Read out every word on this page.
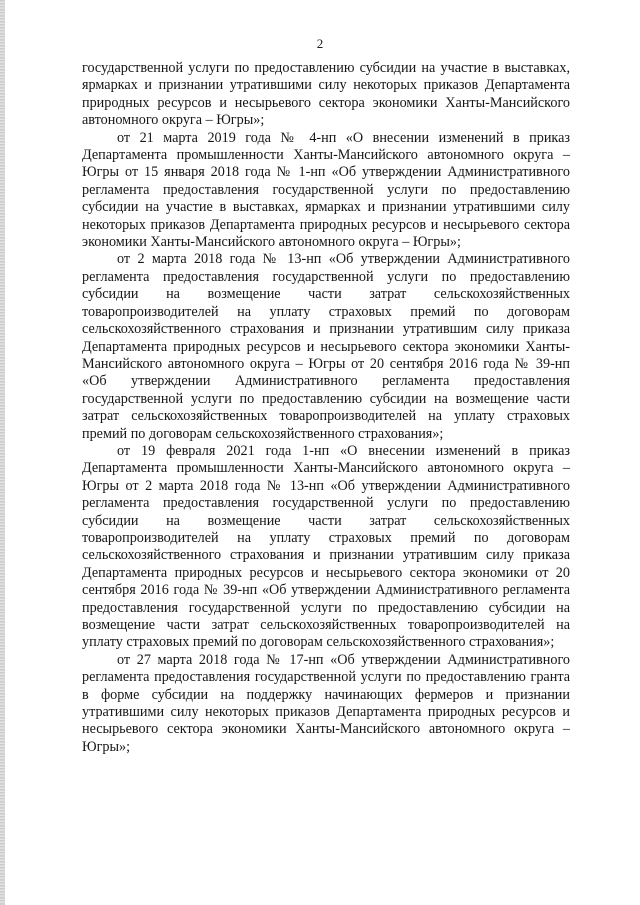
2

государственной услуги по предоставлению субсидии на участие в выставках, ярмарках и признании утратившими силу некоторых приказов Департамента природных ресурсов и несырьевого сектора экономики Ханты-Мансийского автономного округа – Югры»;

от 21 марта 2019 года № 4-нп «О внесении изменений в приказ Департамента промышленности Ханты-Мансийского автономного округа – Югры от 15 января 2018 года № 1-нп «Об утверждении Административного регламента предоставления государственной услуги по предоставлению субсидии на участие в выставках, ярмарках и признании утратившими силу некоторых приказов Департамента природных ресурсов и несырьевого сектора экономики Ханты-Мансийского автономного округа – Югры»;

от 2 марта 2018 года № 13-нп «Об утверждении Административного регламента предоставления государственной услуги по предоставлению субсидии на возмещение части затрат сельскохозяйственных товаропроизводителей на уплату страховых премий по договорам сельскохозяйственного страхования и признании утратившим силу приказа Департамента природных ресурсов и несырьевого сектора экономики Ханты-Мансийского автономного округа – Югры от 20 сентября 2016 года № 39-нп «Об утверждении Административного регламента предоставления государственной услуги по предоставлению субсидии на возмещение части затрат сельскохозяйственных товаропроизводителей на уплату страховых премий по договорам сельскохозяйственного страхования»;

от 19 февраля 2021 года 1-нп «О внесении изменений в приказ Департамента промышленности Ханты-Мансийского автономного округа – Югры от 2 марта 2018 года № 13-нп «Об утверждении Административного регламента предоставления государственной услуги по предоставлению субсидии на возмещение части затрат сельскохозяйственных товаропроизводителей на уплату страховых премий по договорам сельскохозяйственного страхования и признании утратившим силу приказа Департамента природных ресурсов и несырьевого сектора экономики от 20 сентября 2016 года № 39-нп «Об утверждении Административного регламента предоставления государственной услуги по предоставлению субсидии на возмещение части затрат сельскохозяйственных товаропроизводителей на уплату страховых премий по договорам сельскохозяйственного страхования»;

от 27 марта 2018 года № 17-нп «Об утверждении Административного регламента предоставления государственной услуги по предоставлению гранта в форме субсидии на поддержку начинающих фермеров и признании утратившими силу некоторых приказов Департамента природных ресурсов и несырьевого сектора экономики Ханты-Мансийского автономного округа – Югры»;
